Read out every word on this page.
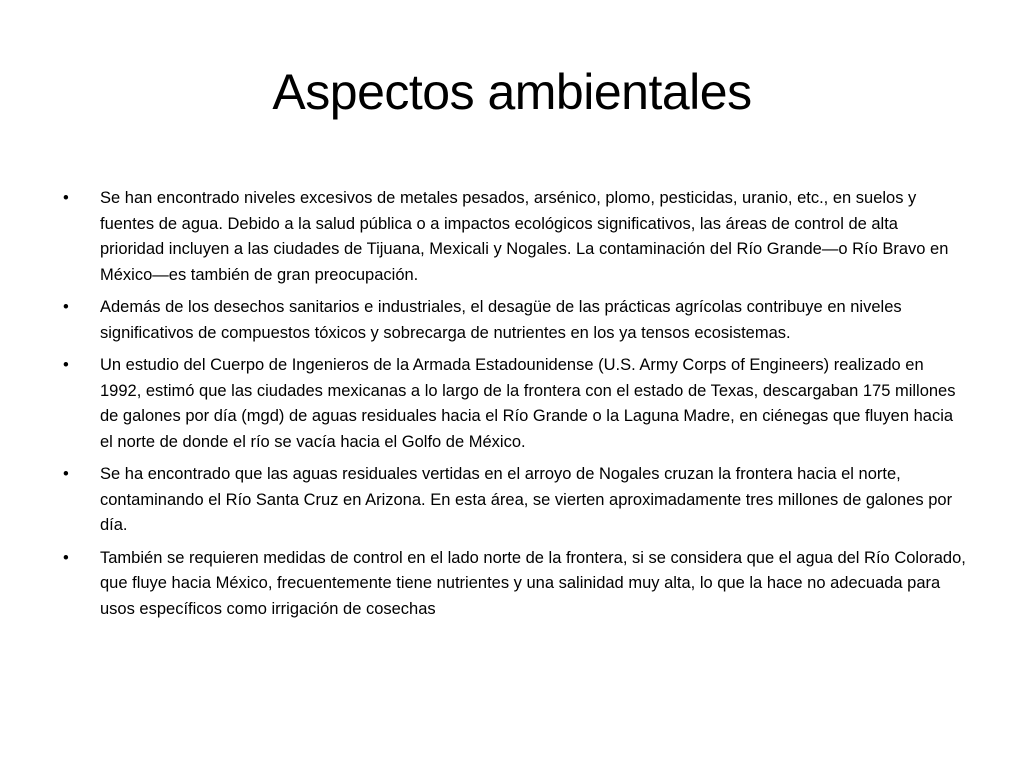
Aspectos ambientales
• Se han encontrado niveles excesivos de metales pesados, arsénico, plomo, pesticidas, uranio, etc., en suelos y fuentes de agua. Debido a la salud pública o a impactos ecológicos significativos, las áreas de control de alta prioridad incluyen a las ciudades de Tijuana, Mexicali y Nogales. La contaminación del Río Grande—o Río Bravo en México—es también de gran preocupación.
• Además de los desechos sanitarios e industriales, el desagüe de las prácticas agrícolas contribuye en niveles significativos de compuestos tóxicos y sobrecarga de nutrientes en los ya tensos ecosistemas.
• Un estudio del Cuerpo de Ingenieros de la Armada Estadounidense (U.S. Army Corps of Engineers) realizado en 1992, estimó que las ciudades mexicanas a lo largo de la frontera con el estado de Texas, descargaban 175 millones de galones por día (mgd) de aguas residuales hacia el Río Grande o la Laguna Madre, en ciénegas que fluyen hacia el norte de donde el río se vacía hacia el Golfo de México.
• Se ha encontrado que las aguas residuales vertidas en el arroyo de Nogales cruzan la frontera hacia el norte, contaminando el Río Santa Cruz en Arizona. En esta área, se vierten aproximadamente tres millones de galones por día.
• También se requieren medidas de control en el lado norte de la frontera, si se considera que el agua del Río Colorado, que fluye hacia México, frecuentemente tiene nutrientes y una salinidad muy alta, lo que la hace no adecuada para usos específicos como irrigación de cosechas
